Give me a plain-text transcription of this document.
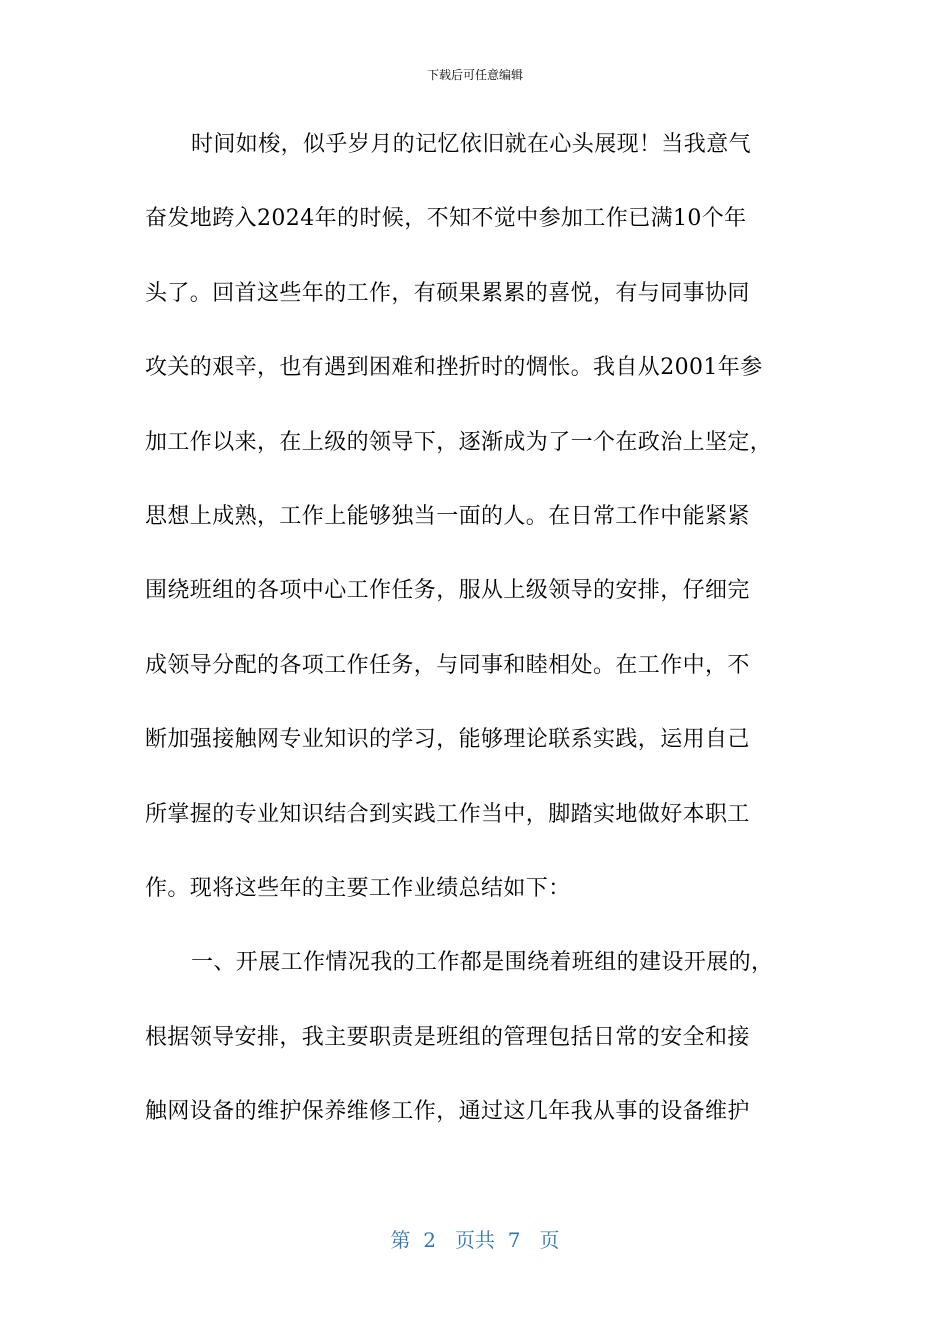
下载后可任意编辑
时间如梭，似乎岁月的记忆依旧就在心头展现！当我意气
奋发地跨入2024年的时候，不知不觉中参加工作已满10个年
头了。回首这些年的工作，有硕果累累的喜悦，有与同事协同
攻关的艰辛，也有遇到困难和挫折时的惆怅。我自从2001年参
加工作以来，在上级的领导下，逐渐成为了一个在政治上坚定，
思想上成熟，工作上能够独当一面的人。在日常工作中能紧紧
围绕班组的各项中心工作任务，服从上级领导的安排，仔细完
成领导分配的各项工作任务，与同事和睦相处。在工作中，不
断加强接触网专业知识的学习，能够理论联系实践，运用自己
所掌握的专业知识结合到实践工作当中，脚踏实地做好本职工
作。现将这些年的主要工作业绩总结如下：
一、开展工作情况我的工作都是围绕着班组的建设开展的，
根据领导安排，我主要职责是班组的管理包括日常的安全和接
触网设备的维护保养维修工作，通过这几年我从事的设备维护
第  2   页共  7   页
